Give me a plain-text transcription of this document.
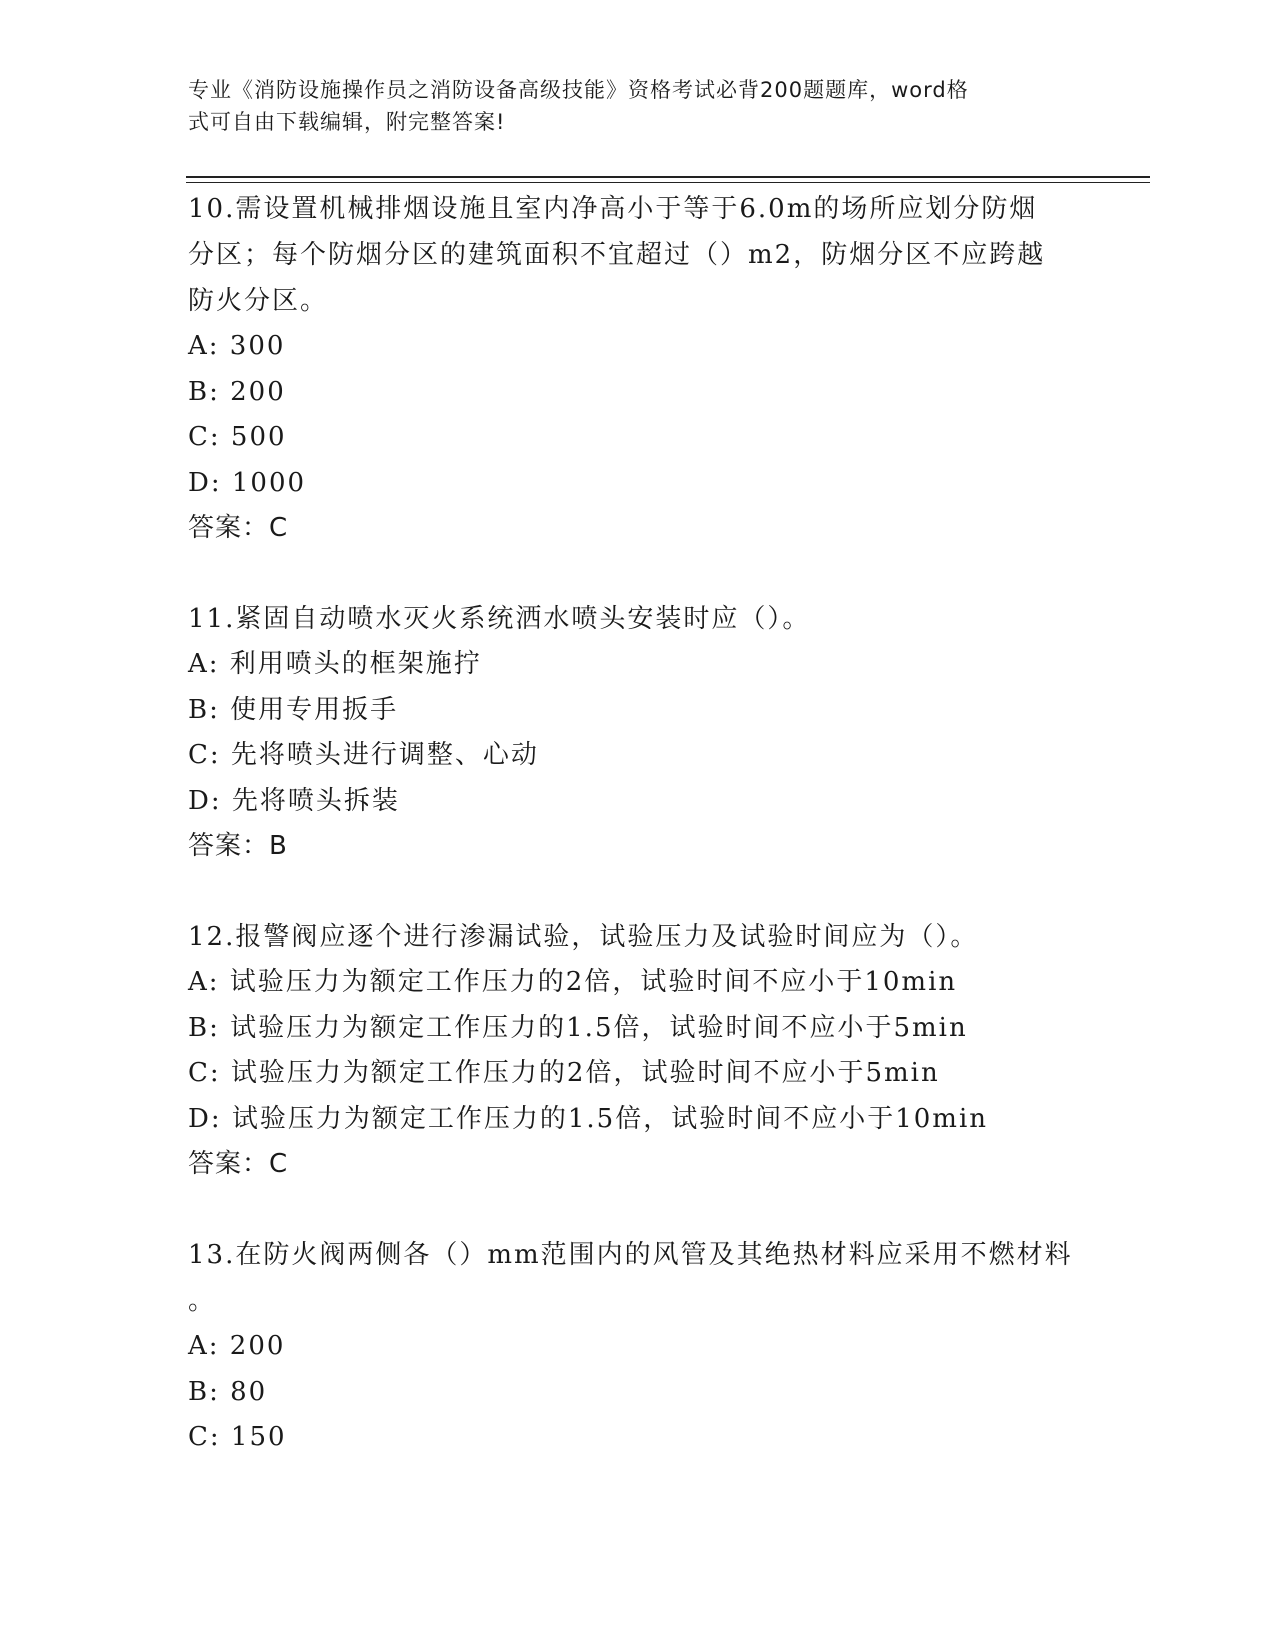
专业《消防设施操作员之消防设备高级技能》资格考试必背200题题库，word格
式可自由下载编辑，附完整答案!
10.需设置机械排烟设施且室内净高小于等于6.0m的场所应划分防烟
分区；每个防烟分区的建筑面积不宜超过（）m2，防烟分区不应跨越
防火分区。
A: 300
B: 200
C: 500
D: 1000
答案：C
11.紧固自动喷水灭火系统洒水喷头安装时应（）。
A: 利用喷头的框架施拧
B: 使用专用扳手
C: 先将喷头进行调整、心动
D: 先将喷头拆装
答案：B
12.报警阀应逐个进行渗漏试验，试验压力及试验时间应为（）。
A: 试验压力为额定工作压力的2倍，试验时间不应小于10min
B: 试验压力为额定工作压力的1.5倍，试验时间不应小于5min
C: 试验压力为额定工作压力的2倍，试验时间不应小于5min
D: 试验压力为额定工作压力的1.5倍，试验时间不应小于10min
答案：C
13.在防火阀两侧各（）mm范围内的风管及其绝热材料应采用不燃材料
。
A: 200
B: 80
C: 150
